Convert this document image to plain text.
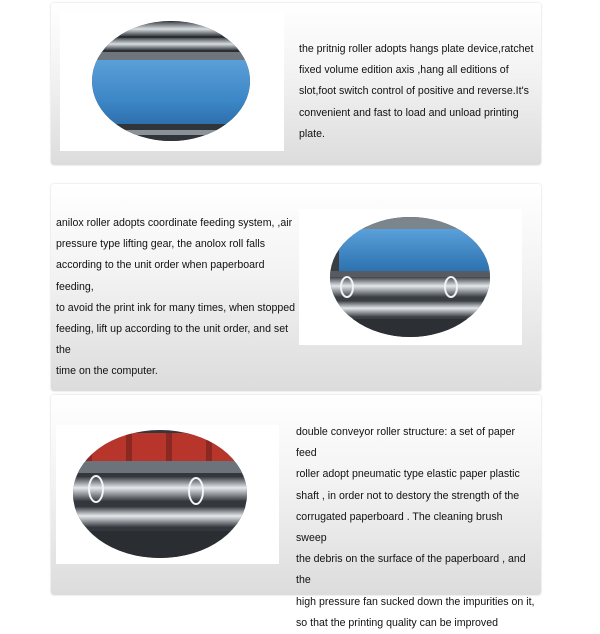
the pritnig roller adopts hangs plate device,ratchet
fixed volume edition axis ,hang all editions of
slot,foot switch control of positive and reverse.It's
convenient and fast to load and unload printing plate.
anilox roller adopts coordinate feeding system, ,air
pressure type lifting gear, the anolox roll falls
according to the unit order when paperboard feeding,
to avoid the print ink for many times, when stopped
feeding, lift up according to the unit order, and set the
time on the computer.
double conveyor roller structure: a set of paper feed
roller adopt pneumatic type elastic paper plastic
shaft , in order not to destory the strength of the
corrugated paperboard . The cleaning brush sweep
the debris on the surface of the paperboard , and the
high pressure fan sucked down the impurities on it,
so that the printing quality can be improved
